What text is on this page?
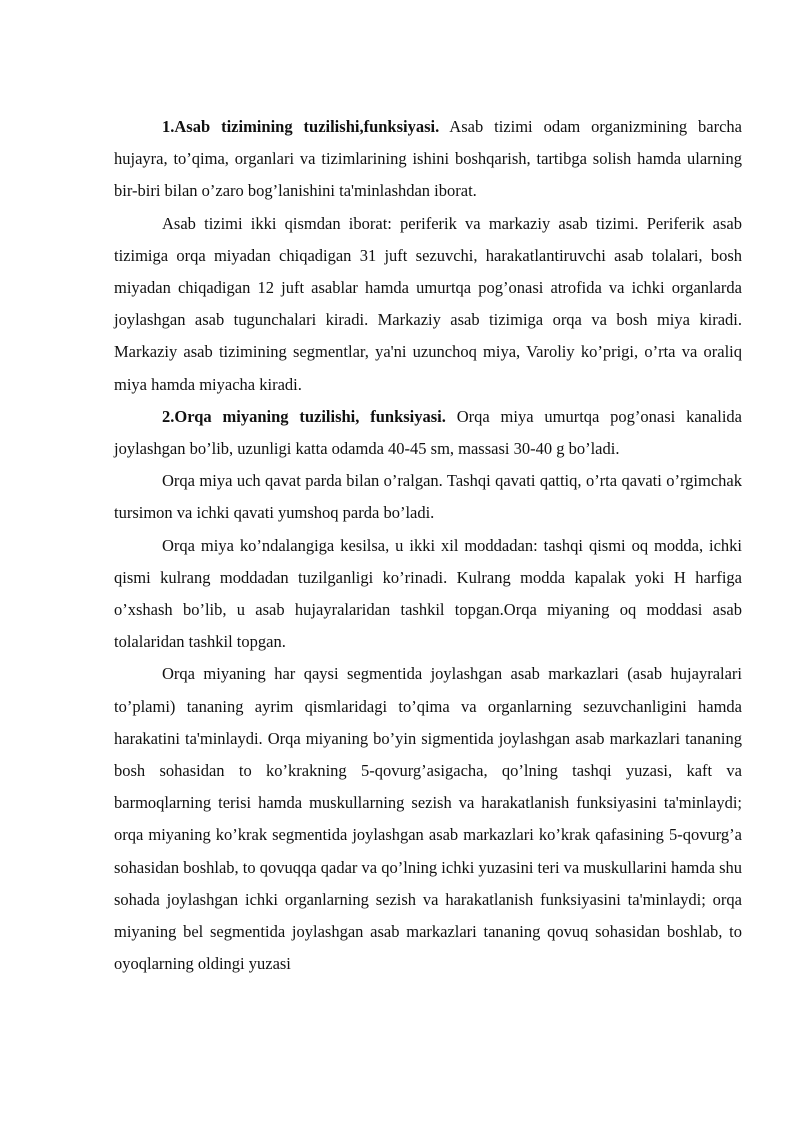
1.Asab tizimining tuzilishi,funksiyasi. Asab tizimi odam organizmining barcha hujayra, to’qima, organlari va tizimlarining ishini boshqarish, tartibga solish hamda ularning bir-biri bilan o’zaro bog’lanishini ta'minlashdan iborat.

Asab tizimi ikki qismdan iborat: periferik va markaziy asab tizimi. Periferik asab tizimiga orqa miyadan chiqadigan 31 juft sezuvchi, harakatlantiruvchi asab tolalari, bosh miyadan chiqadigan 12 juft asablar hamda umurtqa pog’onasi atrofida va ichki organlarda joylashgan asab tugunchalari kiradi. Markaziy asab tizimiga orqa va bosh miya kiradi. Markaziy asab tizimining segmentlar, ya'ni uzunchoq miya, Varoliy ko’prigi, o’rta va oraliq miya hamda miyacha kiradi.

2.Orqa miyaning tuzilishi, funksiyasi. Orqa miya umurtqa pog’onasi kanalida joylashgan bo’lib, uzunligi katta odamda 40-45 sm, massasi 30-40 g bo’ladi.

Orqa miya uch qavat parda bilan o’ralgan. Tashqi qavati qattiq, o’rta qavati o’rgimchak tursimon va ichki qavati yumshoq parda bo’ladi.

Orqa miya ko’ndalangiga kesilsa, u ikki xil moddadan: tashqi qismi oq modda, ichki qismi kulrang moddadan tuzilganligi ko’rinadi. Kulrang modda kapalak yoki H harfiga o’xshash bo’lib, u asab hujayralaridan tashkil topgan.Orqa miyaning oq moddasi asab tolalaridan tashkil topgan.

Orqa miyaning har qaysi segmentida joylashgan asab markazlari (asab hujayralari to’plami) tananing ayrim qismlaridagi to’qima va organlarning sezuvchanligini hamda harakatini ta'minlaydi. Orqa miyaning bo’yin sigmentida joylashgan asab markazlari tananing bosh sohasidan to ko’krakning 5-qovurg’asigacha, qo’lning tashqi yuzasi, kaft va barmoqlarning terisi hamda muskullarning sezish va harakatlanish funksiyasini ta'minlaydi; orqa miyaning ko’krak segmentida joylashgan asab markazlari ko’krak qafasining 5-qovurg’a sohasidan boshlab, to qovuqqa qadar va qo’lning ichki yuzasini teri va muskullarini hamda shu sohada joylashgan ichki organlarning sezish va harakatlanish funksiyasini ta'minlaydi; orqa miyaning bel segmentida joylashgan asab markazlari tananing qovuq sohasidan boshlab, to oyoqlarning oldingi yuzasi
